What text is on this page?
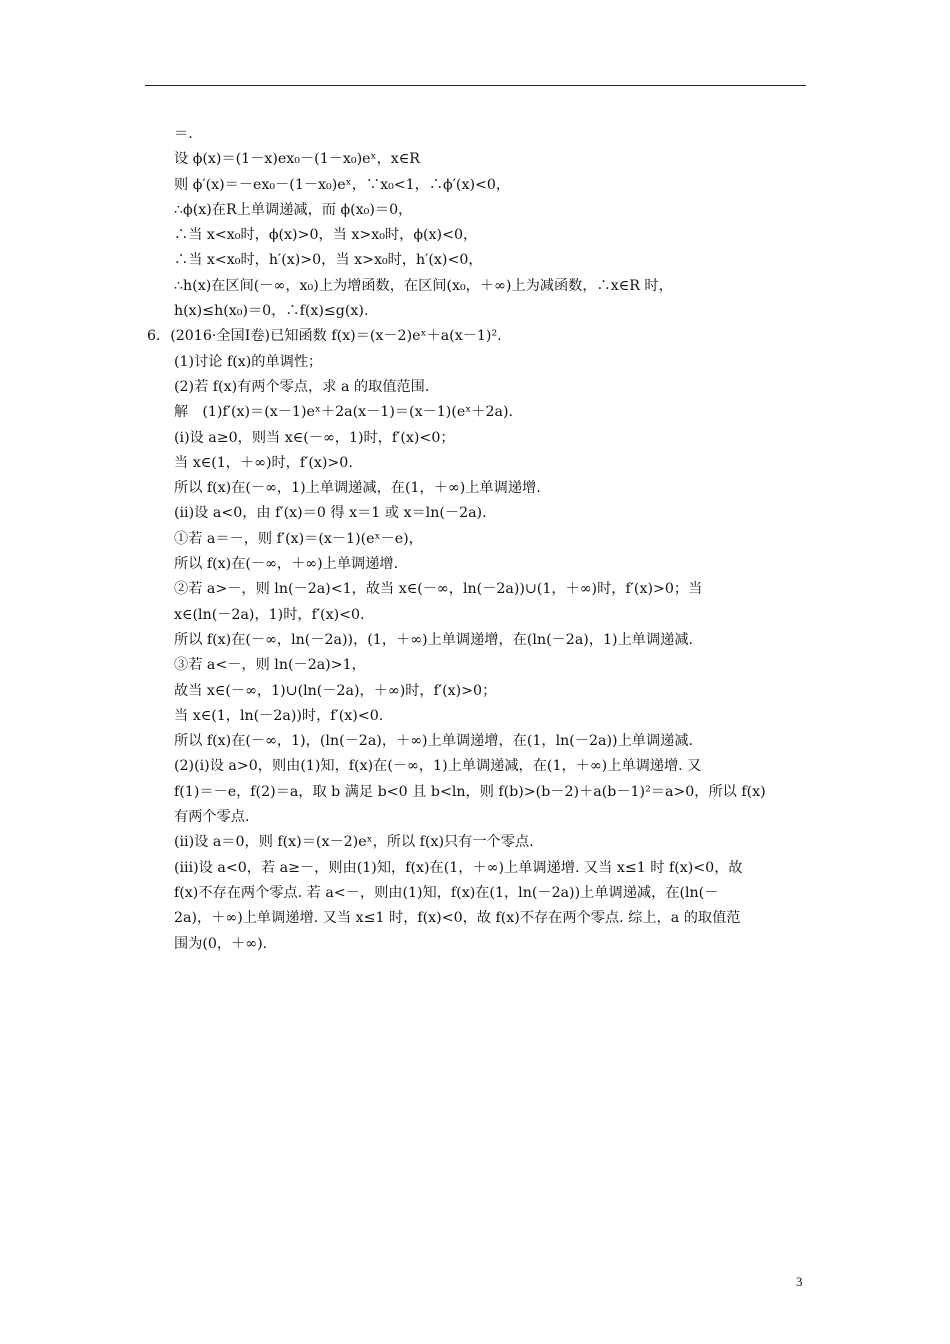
＝.
设 ϕ(x)＝(1－x)ex₀－(1－x₀)eˣ，x∈R
则 ϕ′(x)＝－ex₀－(1－x₀)eˣ，∵x₀<1，∴ϕ′(x)<0，
∴ϕ(x)在R上单调递减，而 ϕ(x₀)＝0，
∴当 x<x₀时，ϕ(x)>0，当 x>x₀时，ϕ(x)<0，
∴当 x<x₀时，h′(x)>0，当 x>x₀时，h′(x)<0，
∴h(x)在区间(－∞，x₀)上为增函数，在区间(x₀，＋∞)上为减函数，∴x∈R 时，
h(x)≤h(x₀)＝0，∴f(x)≤g(x).
6．(2016·全国Ⅰ卷)已知函数 f(x)＝(x－2)eˣ＋a(x－1)².
(1)讨论 f(x)的单调性；
(2)若 f(x)有两个零点，求 a 的取值范围.
解　(1)f′(x)＝(x－1)eˣ＋2a(x－1)＝(x－1)(eˣ＋2a).
(ⅰ)设 a≥0，则当 x∈(－∞，1)时，f′(x)<0；
当 x∈(1，＋∞)时，f′(x)>0.
所以 f(x)在(－∞，1)上单调递减，在(1，＋∞)上单调递增.
(ⅱ)设 a<0，由 f′(x)＝0 得 x＝1 或 x＝ln(－2a).
①若 a＝－，则 f′(x)＝(x－1)(eˣ－e)，
所以 f(x)在(－∞，＋∞)上单调递增.
②若 a>－，则 ln(－2a)<1，故当 x∈(－∞，ln(－2a))∪(1，＋∞)时，f′(x)>0；当
x∈(ln(－2a)，1)时，f′(x)<0.
所以 f(x)在(－∞，ln(－2a))，(1，＋∞)上单调递增，在(ln(－2a)，1)上单调递减.
③若 a<－，则 ln(－2a)>1，
故当 x∈(－∞，1)∪(ln(－2a)，＋∞)时，f′(x)>0；
当 x∈(1，ln(－2a))时，f′(x)<0.
所以 f(x)在(－∞，1)，(ln(－2a)，＋∞)上单调递增，在(1，ln(－2a))上单调递减.
(2)(ⅰ)设 a>0，则由(1)知，f(x)在(－∞，1)上单调递减，在(1，＋∞)上单调递增. 又
f(1)＝－e，f(2)＝a，取 b 满足 b<0 且 b<ln，则 f(b)>(b－2)＋a(b－1)²＝a>0，所以 f(x)
有两个零点.
(ⅱ)设 a＝0，则 f(x)＝(x－2)eˣ，所以 f(x)只有一个零点.
(ⅲ)设 a<0，若 a≥－，则由(1)知，f(x)在(1，＋∞)上单调递增. 又当 x≤1 时 f(x)<0，故
f(x)不存在两个零点. 若 a<－，则由(1)知，f(x)在(1，ln(－2a))上单调递减，在(ln(－
2a)，＋∞)上单调递增. 又当 x≤1 时，f(x)<0，故 f(x)不存在两个零点. 综上，a 的取值范
围为(0，＋∞).
3
